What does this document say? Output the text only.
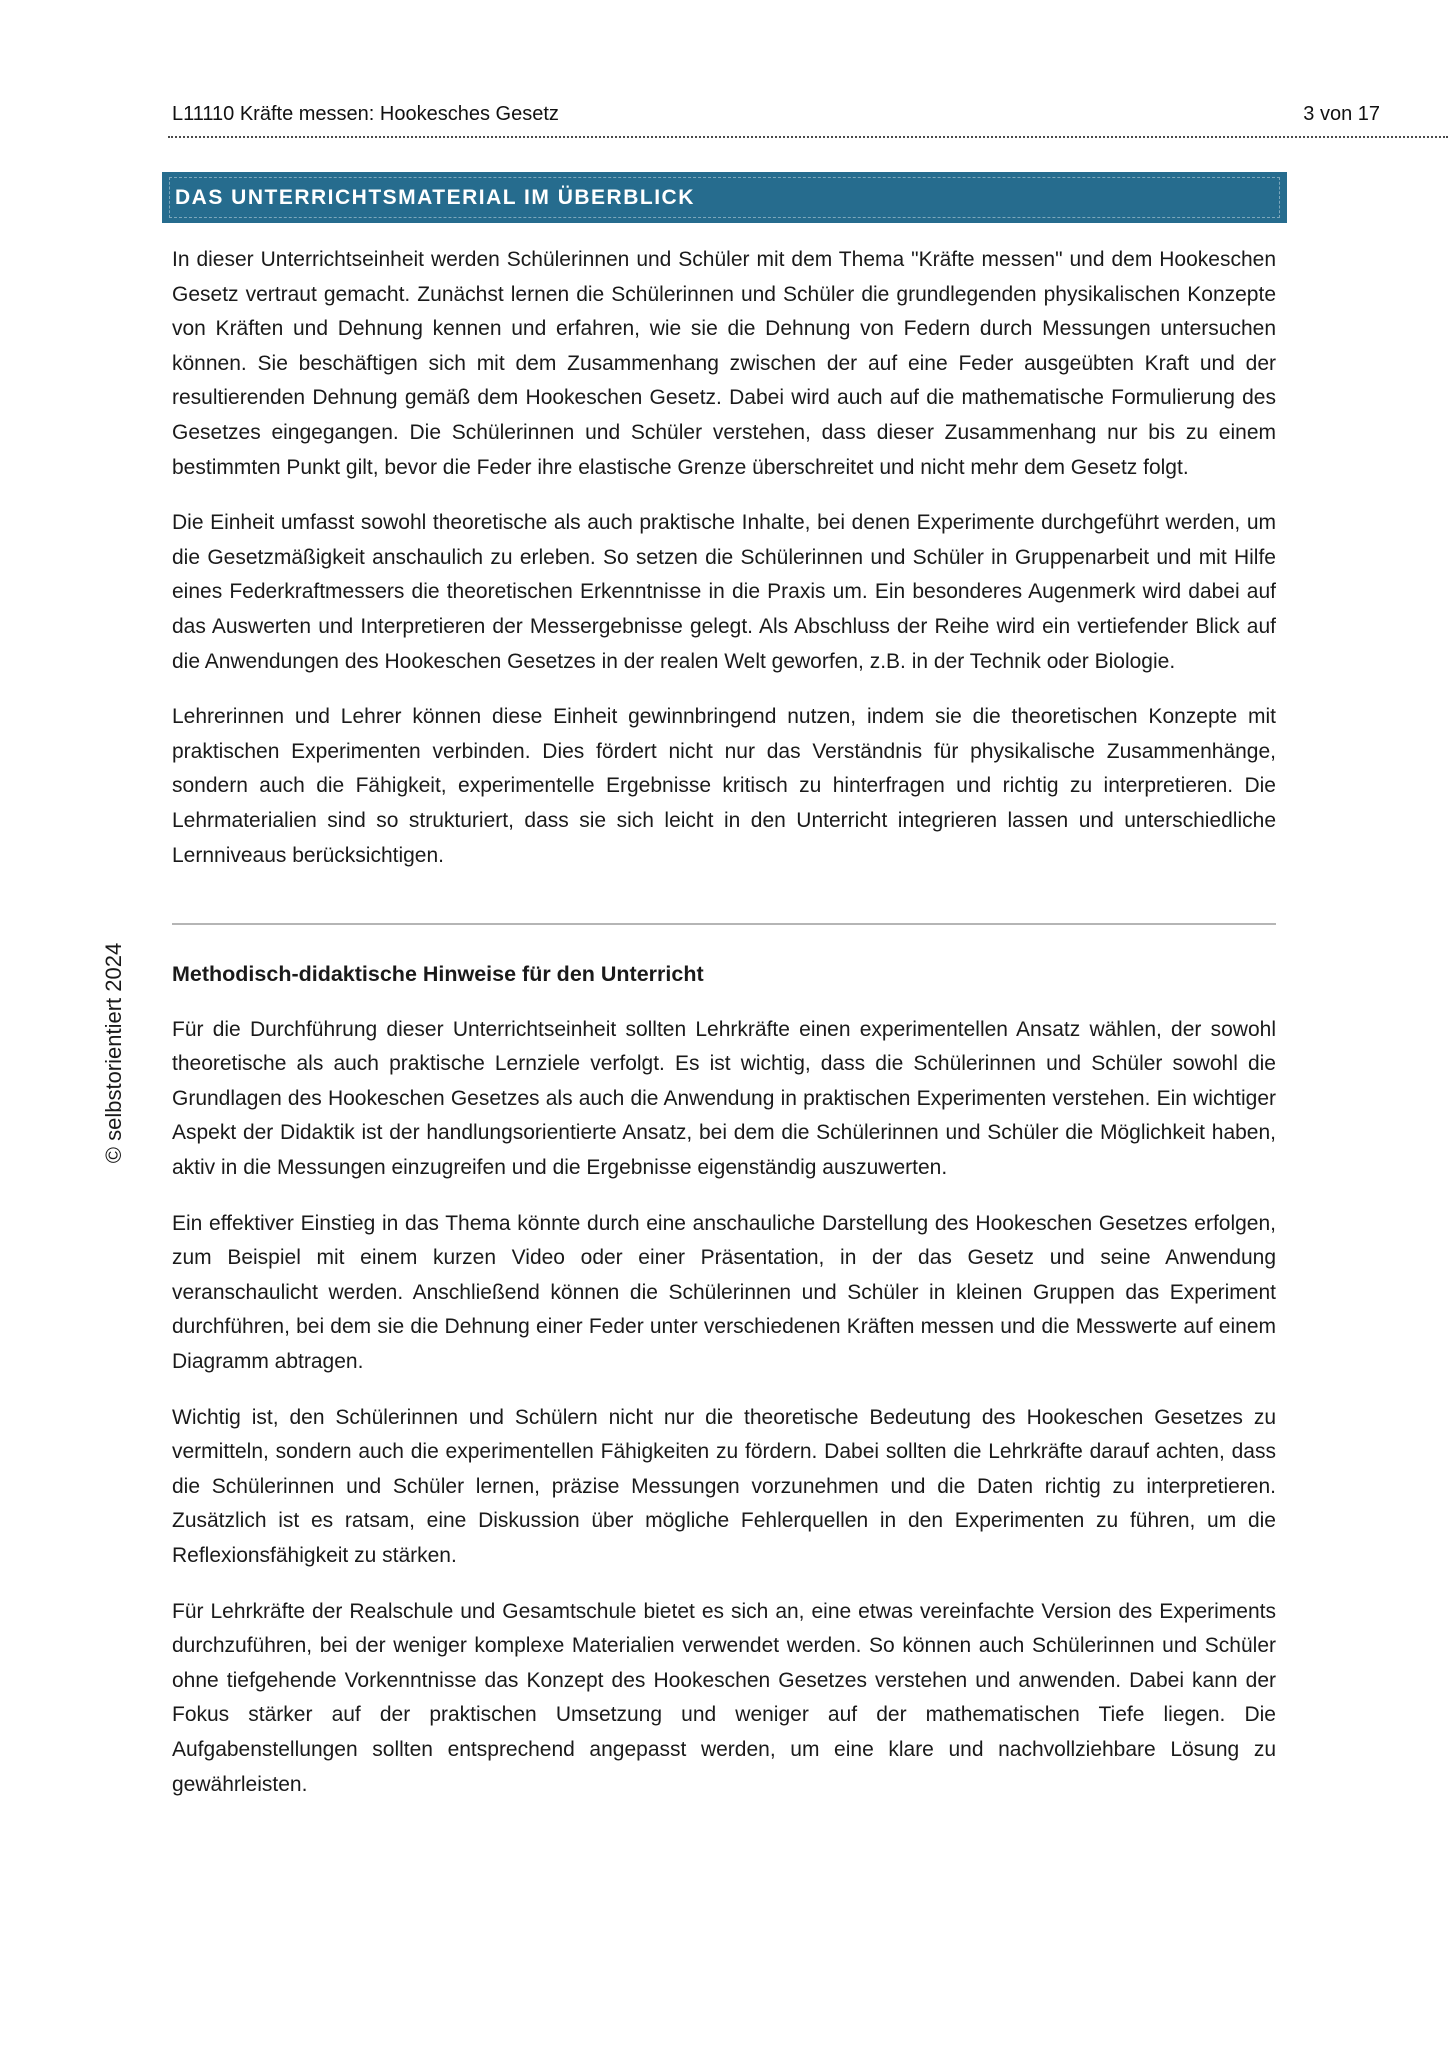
L11110 Kräfte messen: Hookesches Gesetz	3 von 17
DAS UNTERRICHTSMATERIAL IM ÜBERBLICK
© selbstorientiert 2024

In dieser Unterrichtseinheit werden Schülerinnen und Schüler mit dem Thema "Kräfte messen" und dem Hookeschen Gesetz vertraut gemacht. Zunächst lernen die Schülerinnen und Schüler die grundlegenden physikalischen Konzepte von Kräften und Dehnung kennen und erfahren, wie sie die Dehnung von Federn durch Messungen untersuchen können. Sie beschäftigen sich mit dem Zusammenhang zwischen der auf eine Feder ausgeübten Kraft und der resultierenden Dehnung gemäß dem Hookeschen Gesetz. Dabei wird auch auf die mathematische Formulierung des Gesetzes eingegangen. Die Schülerinnen und Schüler verstehen, dass dieser Zusammenhang nur bis zu einem bestimmten Punkt gilt, bevor die Feder ihre elastische Grenze überschreitet und nicht mehr dem Gesetz folgt.

Die Einheit umfasst sowohl theoretische als auch praktische Inhalte, bei denen Experimente durchgeführt werden, um die Gesetzmäßigkeit anschaulich zu erleben. So setzen die Schülerinnen und Schüler in Gruppenarbeit und mit Hilfe eines Federkraftmessers die theoretischen Erkenntnisse in die Praxis um. Ein besonderes Augenmerk wird dabei auf das Auswerten und Interpretieren der Messergebnisse gelegt. Als Abschluss der Reihe wird ein vertiefender Blick auf die Anwendungen des Hookeschen Gesetzes in der realen Welt geworfen, z.B. in der Technik oder Biologie.

Lehrerinnen und Lehrer können diese Einheit gewinnbringend nutzen, indem sie die theoretischen Konzepte mit praktischen Experimenten verbinden. Dies fördert nicht nur das Verständnis für physikalische Zusammenhänge, sondern auch die Fähigkeit, experimentelle Ergebnisse kritisch zu hinterfragen und richtig zu interpretieren. Die Lehrmaterialien sind so strukturiert, dass sie sich leicht in den Unterricht integrieren lassen und unterschiedliche Lernniveaus berücksichtigen.

Methodisch-didaktische Hinweise für den Unterricht

Für die Durchführung dieser Unterrichtseinheit sollten Lehrkräfte einen experimentellen Ansatz wählen, der sowohl theoretische als auch praktische Lernziele verfolgt. Es ist wichtig, dass die Schülerinnen und Schüler sowohl die Grundlagen des Hookeschen Gesetzes als auch die Anwendung in praktischen Experimenten verstehen. Ein wichtiger Aspekt der Didaktik ist der handlungsorientierte Ansatz, bei dem die Schülerinnen und Schüler die Möglichkeit haben, aktiv in die Messungen einzugreifen und die Ergebnisse eigenständig auszuwerten.

Ein effektiver Einstieg in das Thema könnte durch eine anschauliche Darstellung des Hookeschen Gesetzes erfolgen, zum Beispiel mit einem kurzen Video oder einer Präsentation, in der das Gesetz und seine Anwendung veranschaulicht werden. Anschließend können die Schülerinnen und Schüler in kleinen Gruppen das Experiment durchführen, bei dem sie die Dehnung einer Feder unter verschiedenen Kräften messen und die Messwerte auf einem Diagramm abtragen.

Wichtig ist, den Schülerinnen und Schülern nicht nur die theoretische Bedeutung des Hookeschen Gesetzes zu vermitteln, sondern auch die experimentellen Fähigkeiten zu fördern. Dabei sollten die Lehrkräfte darauf achten, dass die Schülerinnen und Schüler lernen, präzise Messungen vorzunehmen und die Daten richtig zu interpretieren. Zusätzlich ist es ratsam, eine Diskussion über mögliche Fehlerquellen in den Experimenten zu führen, um die Reflexionsfähigkeit zu stärken.

Für Lehrkräfte der Realschule und Gesamtschule bietet es sich an, eine etwas vereinfachte Version des Experiments durchzuführen, bei der weniger komplexe Materialien verwendet werden. So können auch Schülerinnen und Schüler ohne tiefgehende Vorkenntnisse das Konzept des Hookeschen Gesetzes verstehen und anwenden. Dabei kann der Fokus stärker auf der praktischen Umsetzung und weniger auf der mathematischen Tiefe liegen. Die Aufgabenstellungen sollten entsprechend angepasst werden, um eine klare und nachvollziehbare Lösung zu gewährleisten.
